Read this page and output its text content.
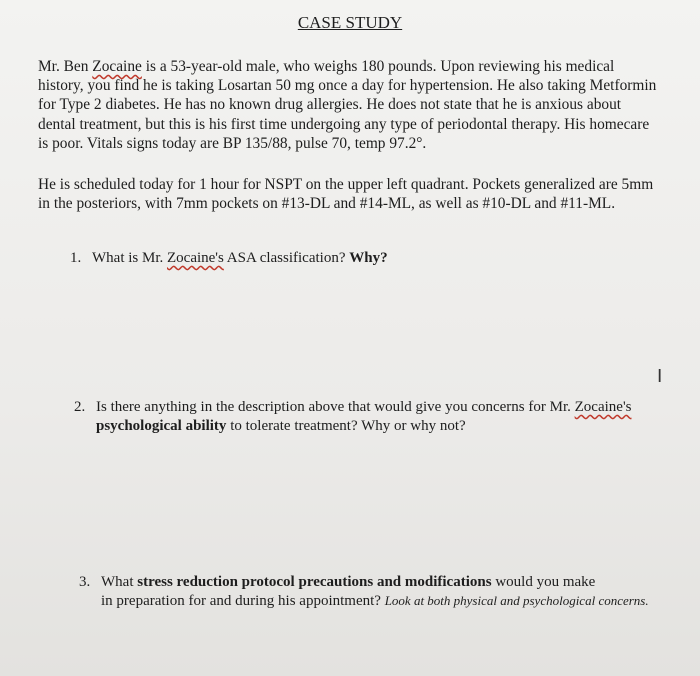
CASE STUDY
Mr. Ben Zocaine is a 53-year-old male, who weighs 180 pounds. Upon reviewing his medical history, you find he is taking Losartan 50 mg once a day for hypertension. He also taking Metformin for Type 2 diabetes. He has no known drug allergies. He does not state that he is anxious about dental treatment, but this is his first time undergoing any type of periodontal therapy. His homecare is poor. Vitals signs today are BP 135/88, pulse 70, temp 97.2°.
He is scheduled today for 1 hour for NSPT on the upper left quadrant. Pockets generalized are 5mm in the posteriors, with 7mm pockets on #13-DL and #14-ML, as well as #10-DL and #11-ML.
1. What is Mr. Zocaine's ASA classification? Why?
I
2. Is there anything in the description above that would give you concerns for Mr. Zocaine's
psychological ability to tolerate treatment? Why or why not?
3. What stress reduction protocol precautions and modifications would you make
in preparation for and during his appointment? Look at both physical and psychological concerns.
